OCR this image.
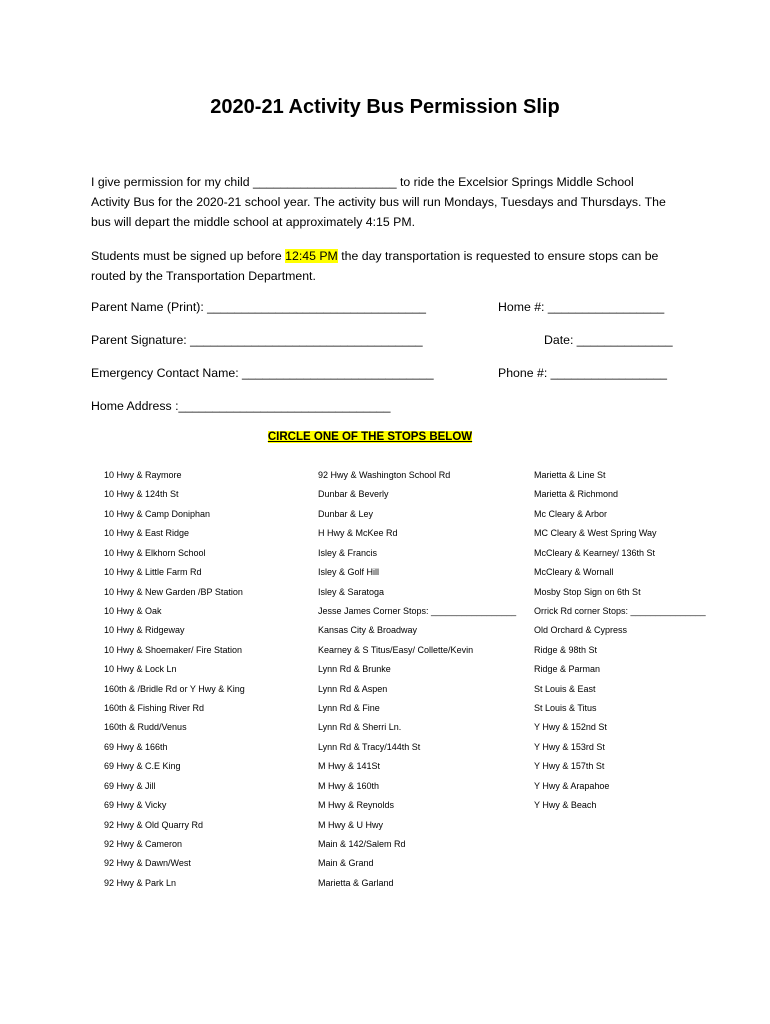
2020-21 Activity Bus Permission Slip
I give permission for my child _____________________ to ride the Excelsior Springs Middle School
Activity Bus for the 2020-21 school year. The activity bus will run Mondays, Tuesdays and Thursdays. The
bus will depart the middle school at approximately 4:15 PM.
Students must be signed up before 12:45 PM the day transportation is requested to ensure stops can be
routed by the Transportation Department.
Parent Name (Print): ________________________________	Home #: _________________
Parent Signature: __________________________________	Date: ______________
Emergency Contact Name: ____________________________	Phone #: _________________
Home Address :_______________________________
CIRCLE ONE OF THE STOPS BELOW
10 Hwy & Raymore
10 Hwy & 124th St
10 Hwy & Camp Doniphan
10 Hwy & East Ridge
10 Hwy & Elkhorn School
10 Hwy & Little Farm Rd
10 Hwy & New Garden /BP Station
10 Hwy & Oak
10 Hwy & Ridgeway
10 Hwy & Shoemaker/ Fire Station
10 Hwy & Lock Ln
160th & /Bridle Rd or Y Hwy & King
160th & Fishing River Rd
160th & Rudd/Venus
69 Hwy & 166th
69 Hwy & C.E King
69 Hwy & Jill
69 Hwy & Vicky
92 Hwy & Old Quarry Rd
92 Hwy & Cameron
92 Hwy & Dawn/West
92 Hwy & Park Ln
92 Hwy & Washington School Rd
Dunbar & Beverly
Dunbar & Ley
H Hwy & McKee Rd
Isley & Francis
Isley & Golf Hill
Isley & Saratoga
Jesse James Corner Stops: _________________
Kansas City & Broadway
Kearney & S Titus/Easy/ Collette/Kevin
Lynn Rd & Brunke
Lynn Rd & Aspen
Lynn Rd & Fine
Lynn Rd & Sherri Ln.
Lynn Rd & Tracy/144th St
M Hwy & 141St
M Hwy & 160th
M Hwy & Reynolds
M Hwy & U Hwy
Main & 142/Salem Rd
Main & Grand
Marietta & Garland
Marietta & Line St
Marietta & Richmond
Mc Cleary & Arbor
MC Cleary & West Spring Way
McCleary & Kearney/ 136th St
McCleary & Wornall
Mosby Stop Sign on 6th St
Orrick Rd corner Stops: _______________
Old Orchard & Cypress
Ridge & 98th St
Ridge & Parman
St Louis & East
St Louis & Titus
Y Hwy & 152nd St
Y Hwy & 153rd St
Y Hwy & 157th St
Y Hwy & Arapahoe
Y Hwy & Beach
